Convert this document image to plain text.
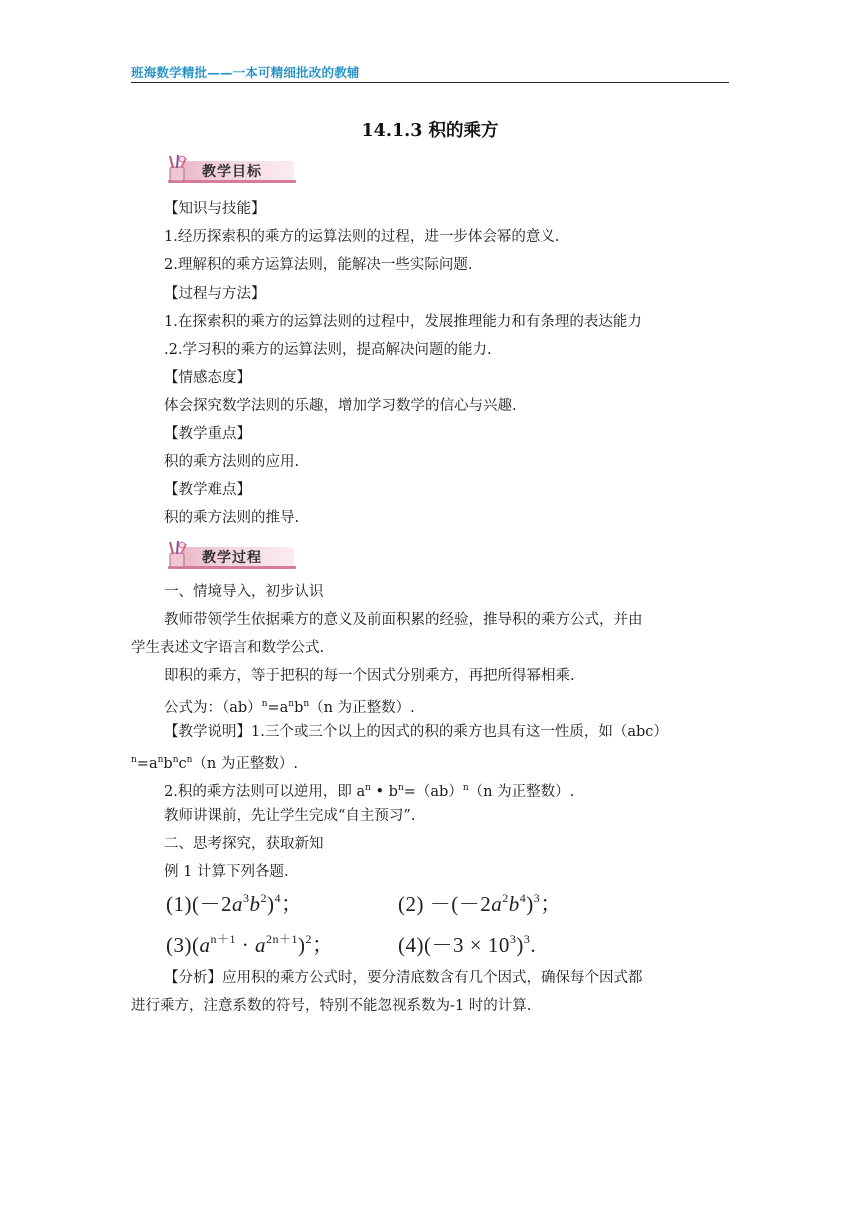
班海数学精批——一本可精细批改的教辅
14.1.3 积的乘方
教学目标
【知识与技能】
1.经历探索积的乘方的运算法则的过程，进一步体会幂的意义.
2.理解积的乘方运算法则，能解决一些实际问题.
【过程与方法】
1.在探索积的乘方的运算法则的过程中，发展推理能力和有条理的表达能力
.2.学习积的乘方的运算法则，提高解决问题的能力.
【情感态度】
体会探究数学法则的乐趣，增加学习数学的信心与兴趣.
【教学重点】
积的乘方法则的应用.
【教学难点】
积的乘方法则的推导.
教学过程
一、情境导入，初步认识
教师带领学生依据乘方的意义及前面积累的经验，推导积的乘方公式，并由
学生表述文字语言和数学公式.
即积的乘方，等于把积的每一个因式分别乘方，再把所得幂相乘.
公式为：$(ab)^n=a^nb^n(n$ 为正整数）.
【教学说明】1.三个或三个以上的因式的积的乘方也具有这一性质，如（abc）
$^n=a^nb^nc^n(n$ 为正整数）.
2.积的乘方法则可以逆用，即 $a^n$ • $b^n=(ab)^n(n$ 为正整数）.
教师讲课前，先让学生完成“自主预习”.
二、思考探究，获取新知
例 1 计算下列各题.
$(1)(-2a^3b^2)^4$；	$(2) -(-2a^2b^4)^3$；
$(3)(a^{n+1} \cdot a^{2n+1})^2$；	$(4)(-3 \times 10^3)^3$.
【分析】应用积的乘方公式时，要分清底数含有几个因式，确保每个因式都
进行乘方，注意系数的符号，特别不能忽视系数为-1 时的计算.
